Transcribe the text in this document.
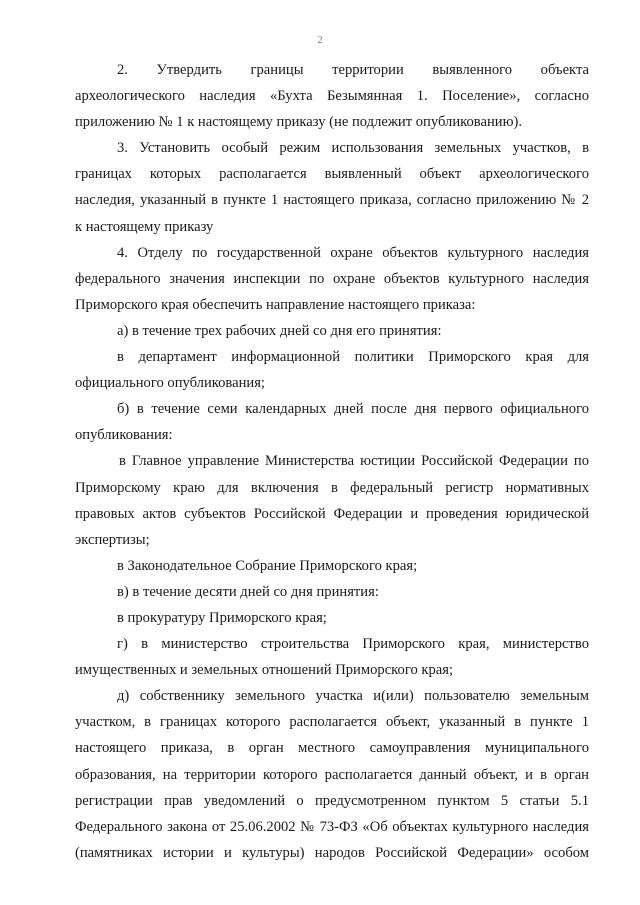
2
2. Утвердить границы территории выявленного объекта
археологического наследия «Бухта Безымянная 1. Поселение», согласно
приложению № 1 к настоящему приказу (не подлежит опубликованию).
3. Установить особый режим использования земельных участков, в
границах которых располагается выявленный объект археологического
наследия, указанный в пункте 1 настоящего приказа, согласно приложению № 2
к настоящему приказу
4. Отделу по государственной охране объектов культурного наследия
федерального значения инспекции по охране объектов культурного наследия
Приморского края обеспечить направление настоящего приказа:
а) в течение трех рабочих дней со дня его принятия:
в департамент информационной политики Приморского края для
официального опубликования;
б) в течение семи календарных дней после дня первого официального
опубликования:
в Главное управление Министерства юстиции Российской Федерации по
Приморскому краю для включения в федеральный регистр нормативных
правовых актов субъектов Российской Федерации и проведения юридической
экспертизы;
в Законодательное Собрание Приморского края;
в) в течение десяти дней со дня принятия:
в прокуратуру Приморского края;
г) в министерство строительства Приморского края, министерство
имущественных и земельных отношений Приморского края;
д) собственнику земельного участка и(или) пользователю земельным
участком, в границах которого располагается объект, указанный в пункте 1
настоящего приказа, в орган местного самоуправления муниципального
образования, на территории которого располагается данный объект, и в орган
регистрации прав уведомлений о предусмотренном пунктом 5 статьи 5.1
Федерального закона от 25.06.2002 № 73-ФЗ «Об объектах культурного наследия
(памятниках истории и культуры) народов Российской Федерации» особом
